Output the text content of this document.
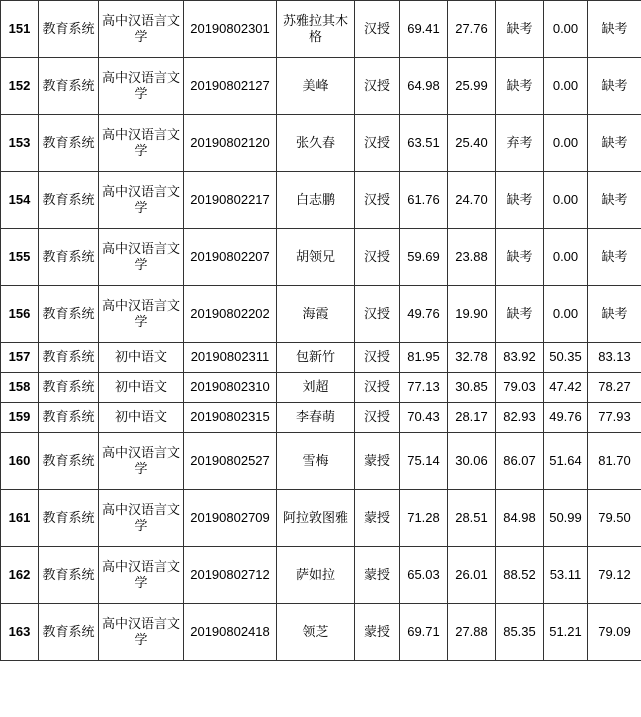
151	教育系统	高中汉语言文学	20190802301	苏雅拉其木格	汉授	69.41	27.76	缺考	0.00	缺考
152	教育系统	高中汉语言文学	20190802127	美峰	汉授	64.98	25.99	缺考	0.00	缺考
153	教育系统	高中汉语言文学	20190802120	张久春	汉授	63.51	25.40	弃考	0.00	缺考
154	教育系统	高中汉语言文学	20190802217	白志鹏	汉授	61.76	24.70	缺考	0.00	缺考
155	教育系统	高中汉语言文学	20190802207	胡领兄	汉授	59.69	23.88	缺考	0.00	缺考
156	教育系统	高中汉语言文学	20190802202	海霞	汉授	49.76	19.90	缺考	0.00	缺考
157	教育系统	初中语文	20190802311	包新竹	汉授	81.95	32.78	83.92	50.35	83.13
158	教育系统	初中语文	20190802310	刘超	汉授	77.13	30.85	79.03	47.42	78.27
159	教育系统	初中语文	20190802315	李春萌	汉授	70.43	28.17	82.93	49.76	77.93
160	教育系统	高中汉语言文学	20190802527	雪梅	蒙授	75.14	30.06	86.07	51.64	81.70
161	教育系统	高中汉语言文学	20190802709	阿拉敦图雅	蒙授	71.28	28.51	84.98	50.99	79.50
162	教育系统	高中汉语言文学	20190802712	萨如拉	蒙授	65.03	26.01	88.52	53.11	79.12
163	教育系统	高中汉语言文学	20190802418	领芝	蒙授	69.71	27.88	85.35	51.21	79.09
